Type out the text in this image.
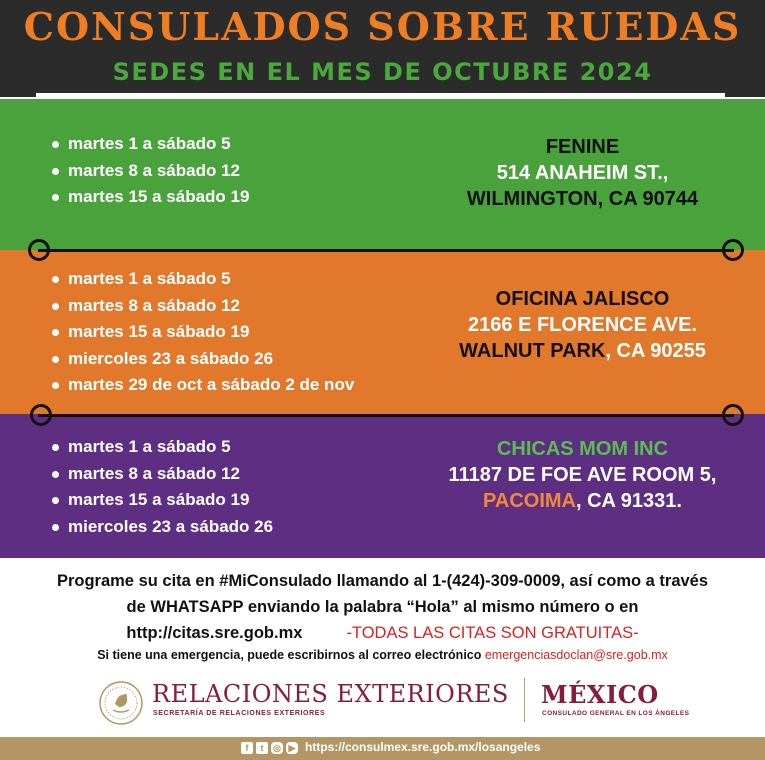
CONSULADOS SOBRE RUEDAS
SEDES EN EL MES DE OCTUBRE 2024
martes 1 a sábado 5
martes 8 a sábado 12
martes 15 a sábado 19
FENINE
514 ANAHEIM ST.,
WILMINGTON, CA 90744
martes 1 a sábado 5
martes 8 a sábado 12
martes 15 a sábado 19
miercoles 23 a sábado 26
martes 29 de oct a sábado 2 de nov
OFICINA JALISCO
2166 E FLORENCE AVE.
WALNUT PARK, CA 90255
martes 1 a sábado 5
martes 8 a sábado 12
martes 15 a sábado 19
miercoles 23 a sábado 26
CHICAS MOM INC
11187 DE FOE AVE ROOM 5,
PACOIMA, CA 91331.
Programe su cita en #MiConsulado llamando al 1-(424)-309-0009, así como a través
de WHATSAPP enviando la palabra “Hola” al mismo número o en
http://citas.sre.gob.mx	-TODAS LAS CITAS SON GRATUITAS-
Si tiene una emergencia, puede escribirnos al correo electrónico emergenciasdoclan@sre.gob.mx
RELACIONES EXTERIORES
SECRETARÍA DE RELACIONES EXTERIORES
MÉXICO
CONSULADO GENERAL EN LOS ÁNGELES
f	t	◎ ▶ https://consulmex.sre.gob.mx/losangeles
